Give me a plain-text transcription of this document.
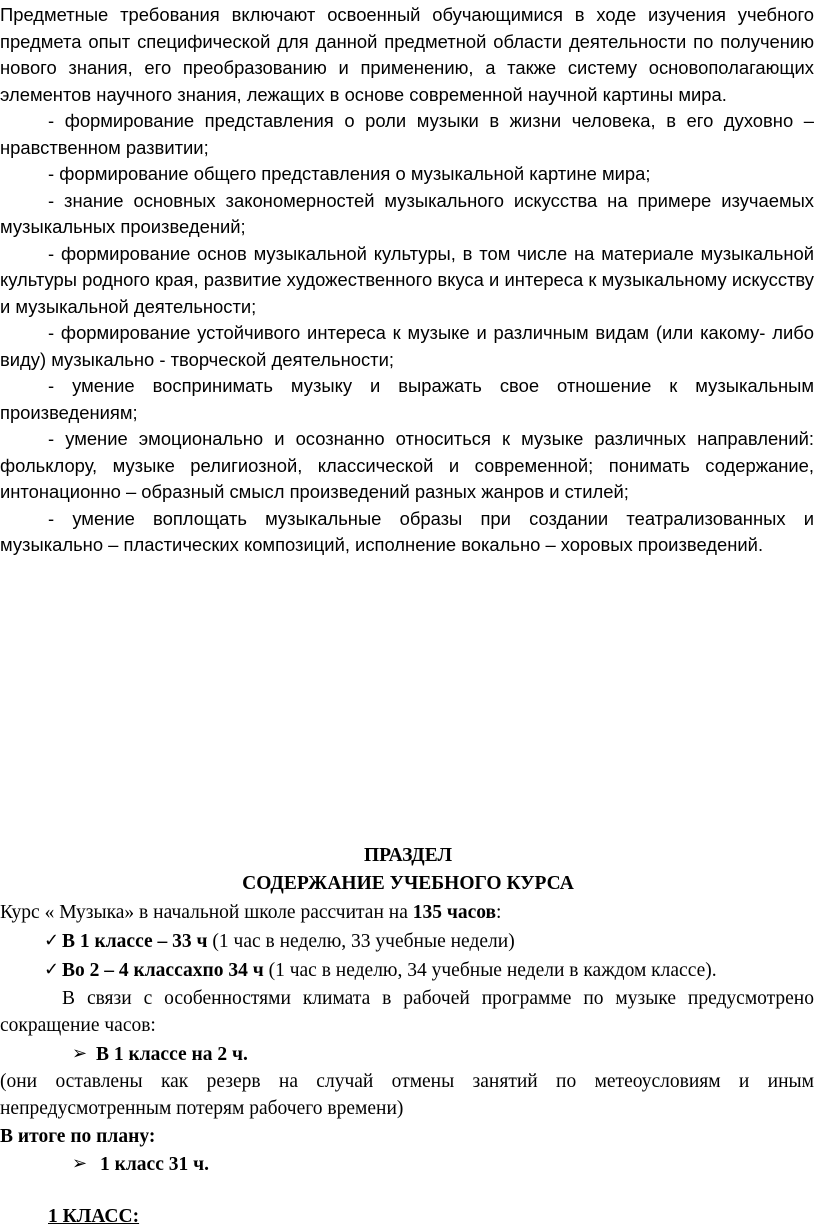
Предметные требования включают освоенный обучающимися в ходе изучения учебного предмета опыт специфической для данной предметной области деятельности по получению нового знания, его преобразованию и применению, а также систему основополагающих элементов научного знания, лежащих в основе современной научной картины мира.

- формирование представления о роли музыки в жизни человека, в его духовно – нравственном развитии;

- формирование общего представления о музыкальной картине мира;

- знание основных закономерностей музыкального искусства на примере изучаемых музыкальных произведений;

- формирование основ музыкальной культуры, в том числе на материале музыкальной культуры родного края, развитие художественного вкуса и интереса к музыкальному искусству и музыкальной деятельности;

- формирование устойчивого интереса к музыке и различным видам (или какому- либо виду) музыкально - творческой деятельности;

- умение воспринимать музыку и выражать свое отношение к музыкальным произведениям;

- умение эмоционально и осознанно относиться к музыке различных направлений: фольклору, музыке религиозной, классической и современной; понимать содержание, интонационно – образный смысл произведений разных жанров и стилей;

- умение воплощать музыкальные образы при создании театрализованных и музыкально – пластических композиций, исполнение вокально – хоровых произведений.

ПРАЗДЕЛ
СОДЕРЖАНИЕ УЧЕБНОГО КУРСА

Курс « Музыка» в начальной школе рассчитан на 135 часов:

✓ В 1 классе – 33 ч (1 час в неделю, 33 учебные недели)

✓ Во 2 – 4 классахпо 34 ч (1 час в неделю, 34 учебные недели в каждом классе).

В связи с особенностями климата в рабочей программе по музыке предусмотрено

сокращение часов:

➢ В 1 классе на 2 ч.

(они оставлены как резерв на случай отмены занятий по метеоусловиям и иным

непредусмотренным потерям рабочего времени)

В итоге по плану:

➢ 1 класс 31 ч.

1 КЛАСС:
